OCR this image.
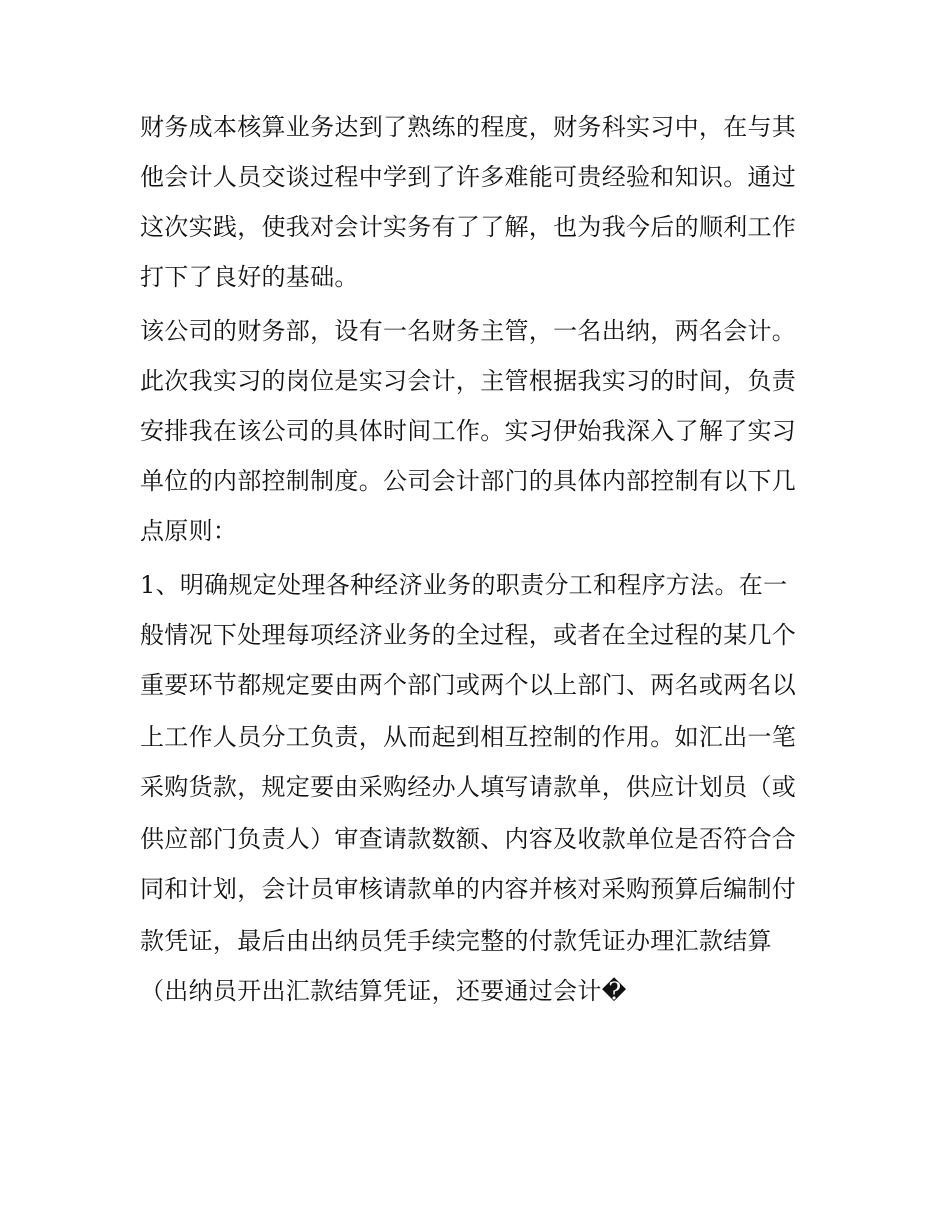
财务成本核算业务达到了熟练的程度，财务科实习中，在与其
他会计人员交谈过程中学到了许多难能可贵经验和知识。通过
这次实践，使我对会计实务有了了解，也为我今后的顺利工作
打下了良好的基础。
该公司的财务部，设有一名财务主管，一名出纳，两名会计。
此次我实习的岗位是实习会计，主管根据我实习的时间，负责
安排我在该公司的具体时间工作。实习伊始我深入了解了实习
单位的内部控制制度。公司会计部门的具体内部控制有以下几
点原则：
1、明确规定处理各种经济业务的职责分工和程序方法。在一
般情况下处理每项经济业务的全过程，或者在全过程的某几个
重要环节都规定要由两个部门或两个以上部门、两名或两名以
上工作人员分工负责，从而起到相互控制的作用。如汇出一笔
采购货款，规定要由采购经办人填写请款单，供应计划员（或
供应部门负责人）审查请款数额、内容及收款单位是否符合合
同和计划，会计员审核请款单的内容并核对采购预算后编制付
款凭证，最后由出纳员凭手续完整的付款凭证办理汇款结算
（出纳员开出汇款结算凭证，还要通过会计�
